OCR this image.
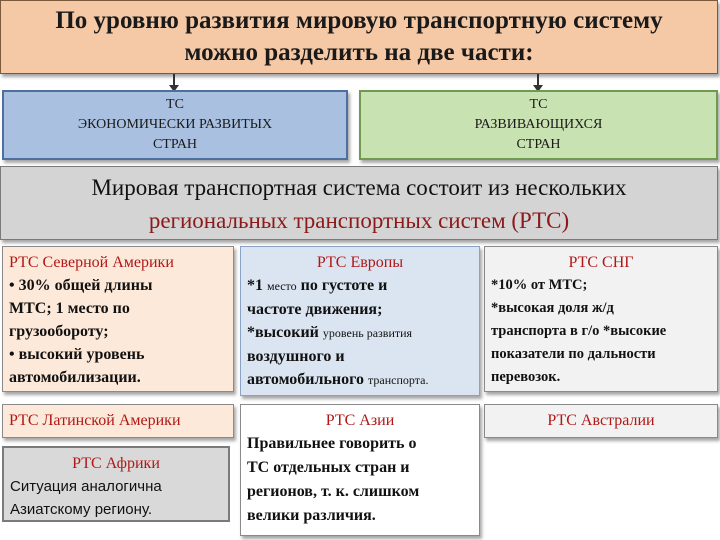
По уровню развития мировую транспортную систему
можно разделить на две части:
ТС
ЭКОНОМИЧЕСКИ РАЗВИТЫХ
СТРАН
ТС
РАЗВИВАЮЩИХСЯ
СТРАН
Мировая транспортная система состоит из нескольких
региональных транспортных систем (РТС)
РТС Северной Америки
• 30% общей длины
МТС; 1 место по
грузообороту;
• высокий уровень
автомобилизации.
РТС Европы
*1 место по густоте и
частоте движения;
*высокий уровень развития
воздушного и
автомобильного транспорта.
РТС СНГ
*10% от МТС;
*высокая доля ж/д
транспорта в г/о *высокие
показатели по дальности
перевозок.
РТС Латинской Америки	РТС Азии
Правильнее говорить о
ТС отдельных стран и
регионов, т. к. слишком
велики различия.
РТС Австралии
РТС Африки
Ситуация аналогична
Азиатскому региону.
